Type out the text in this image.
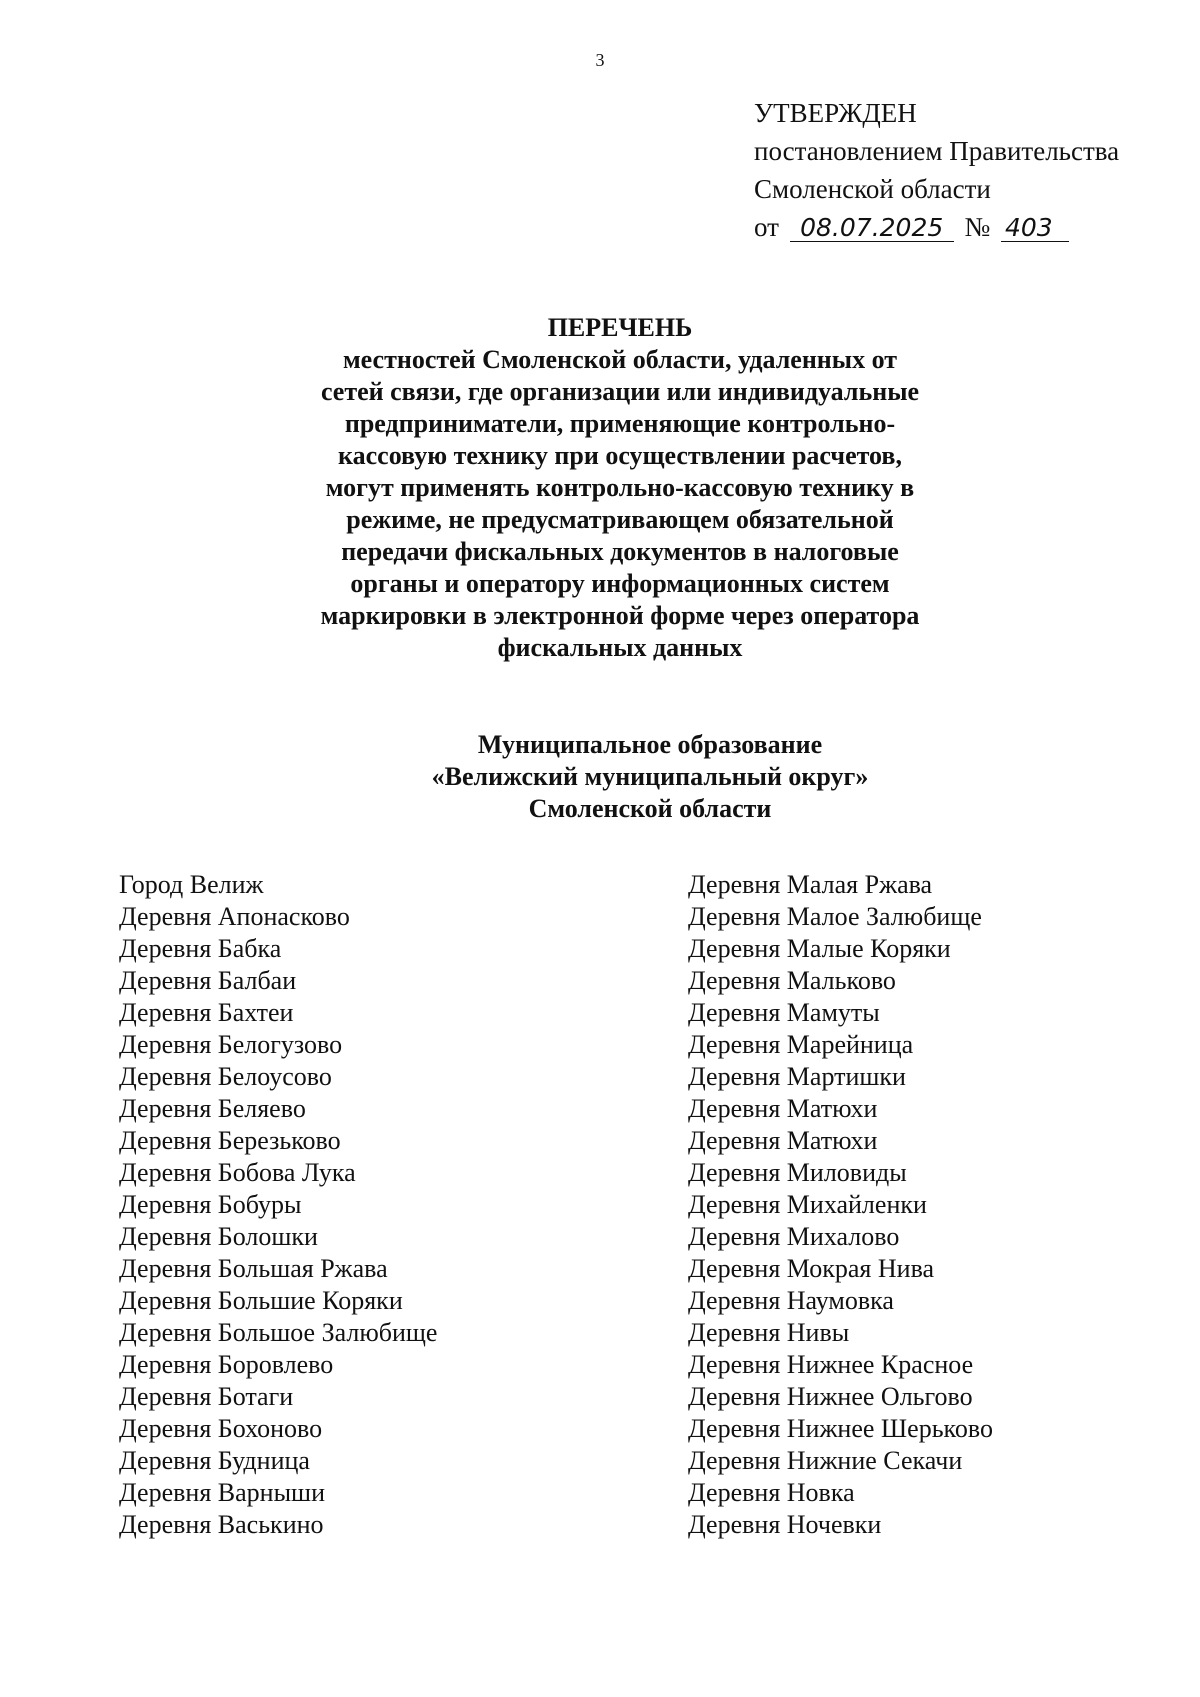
3
УТВЕРЖДЕН
постановлением Правительства
Смоленской области
от 08.07.2025 № 403
ПЕРЕЧЕНЬ
местностей Смоленской области, удаленных от
сетей связи, где организации или индивидуальные
предприниматели, применяющие контрольно-
кассовую технику при осуществлении расчетов,
могут применять контрольно-кассовую технику в
режиме, не предусматривающем обязательной
передачи фискальных документов в налоговые
органы и оператору информационных систем
маркировки в электронной форме через оператора
фискальных данных
Муниципальное образование
«Велижский муниципальный округ»
Смоленской области
Город Велиж
Деревня Апонасково
Деревня Бабка
Деревня Балбаи
Деревня Бахтеи
Деревня Белогузово
Деревня Белоусово
Деревня Беляево
Деревня Березьково
Деревня Бобова Лука
Деревня Бобуры
Деревня Болошки
Деревня Большая Ржава
Деревня Большие Коряки
Деревня Большое Залюбище
Деревня Боровлево
Деревня Ботаги
Деревня Бохоново
Деревня Будница
Деревня Варныши
Деревня Васькино
Деревня Малая Ржава
Деревня Малое Залюбище
Деревня Малые Коряки
Деревня Мальково
Деревня Мамуты
Деревня Марейница
Деревня Мартишки
Деревня Матюхи
Деревня Матюхи
Деревня Миловиды
Деревня Михайленки
Деревня Михалово
Деревня Мокрая Нива
Деревня Наумовка
Деревня Нивы
Деревня Нижнее Красное
Деревня Нижнее Ольгово
Деревня Нижнее Шерьково
Деревня Нижние Секачи
Деревня Новка
Деревня Ночевки
